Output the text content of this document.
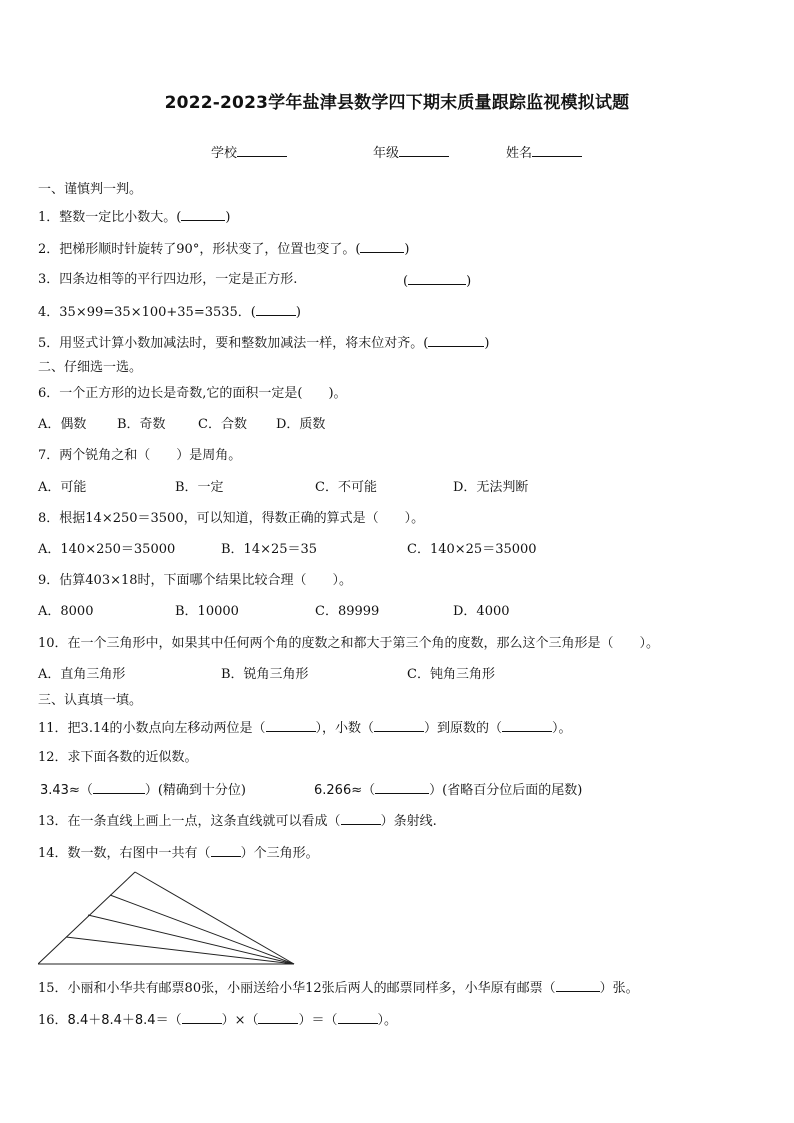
2022-2023学年盐津县数学四下期末质量跟踪监视模拟试题
学校	年级	姓名
一、谨慎判一判。
1．整数一定比小数大。(	)
2．把梯形顺时针旋转了90°，形状变了，位置也变了。(	)
3．四条边相等的平行四边形，一定是正方形.	(	)
4．35×99=35×100+35=3535．(	)
5．用竖式计算小数加减法时，要和整数加减法一样，将末位对齐。(	)
二、仔细选一选。
6．一个正方形的边长是奇数,它的面积一定是(　　)。
A．偶数 B．奇数 C．合数 D．质数
7．两个锐角之和（　　）是周角。
A．可能	B．一定	C．不可能	D．无法判断
8．根据14×250＝3500，可以知道，得数正确的算式是（　　）。
A．140×250＝35000	B．14×25＝35	C．140×25＝35000
9．估算403×18时，下面哪个结果比较合理（　　）。
A．8000	B．10000	C．89999	D．4000
10．在一个三角形中，如果其中任何两个角的度数之和都大于第三个角的度数，那么这个三角形是（　　）。
A．直角三角形	B．锐角三角形	C．钝角三角形
三、认真填一填。
11．把3.14的小数点向左移动两位是（	），小数（	）到原数的（	）。
12．求下面各数的近似数。
3.43≈（	）(精确到十分位)	6.266≈（	）(省略百分位后面的尾数)
13．在一条直线上画上一点，这条直线就可以看成（	）条射线.
14．数一数，右图中一共有（ ）个三角形。
15．小丽和小华共有邮票80张，小丽送给小华12张后两人的邮票同样多，小华原有邮票（	）张。
16．8.4＋8.4＋8.4＝（	）×（	）＝（	）。
